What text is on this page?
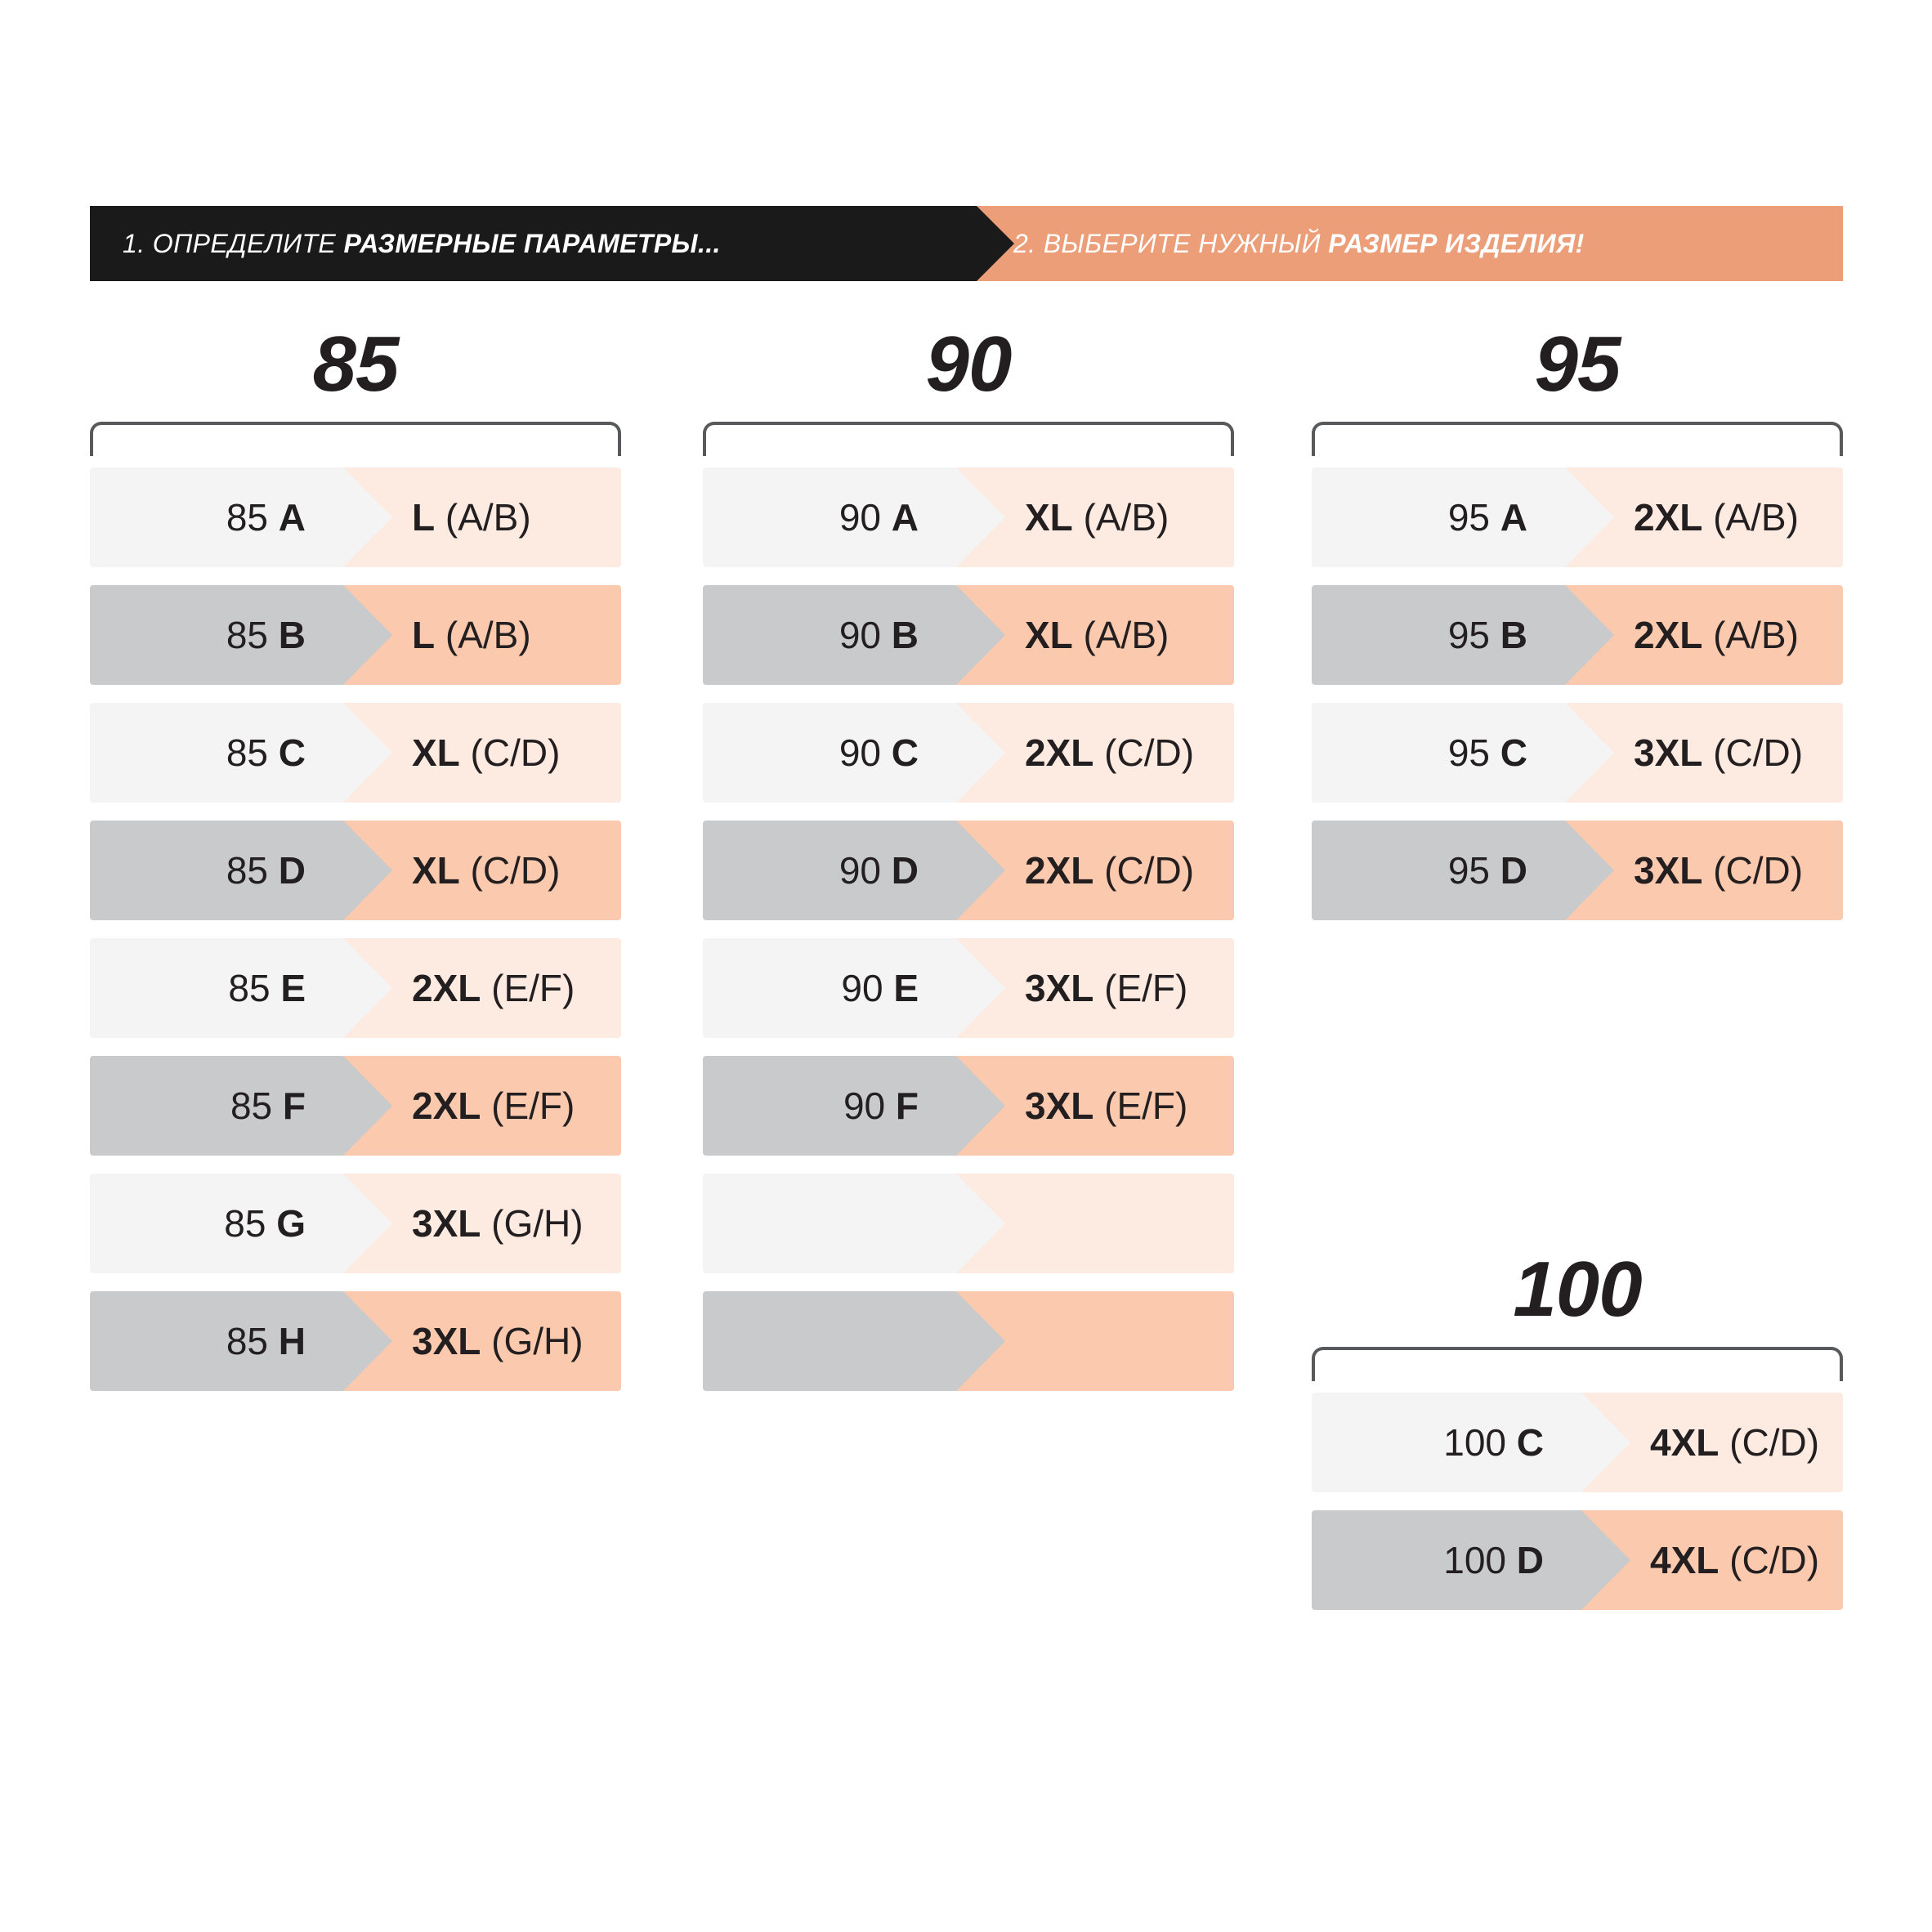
1. ОПРЕДЕЛИТЕ РАЗМЕРНЫЕ ПАРАМЕТРЫ...	2. ВЫБЕРИТЕ НУЖНЫЙ РАЗМЕР ИЗДЕЛИЯ!
85
85 A	L (A/B)
85 B	L (A/B)
85 C	XL (C/D)
85 D	XL (C/D)
85 E	2XL (E/F)
85 F	2XL (E/F)
85 G	3XL (G/H)
85 H	3XL (G/H)
90
90 A	XL (A/B)
90 B	XL (A/B)
90 C	2XL (C/D)
90 D	2XL (C/D)
90 E	3XL (E/F)
90 F	3XL (E/F)
95
95 A	2XL (A/B)
95 B	2XL (A/B)
95 C	3XL (C/D)
95 D	3XL (C/D)
100
100 C	4XL (C/D)
100 D	4XL (C/D)
